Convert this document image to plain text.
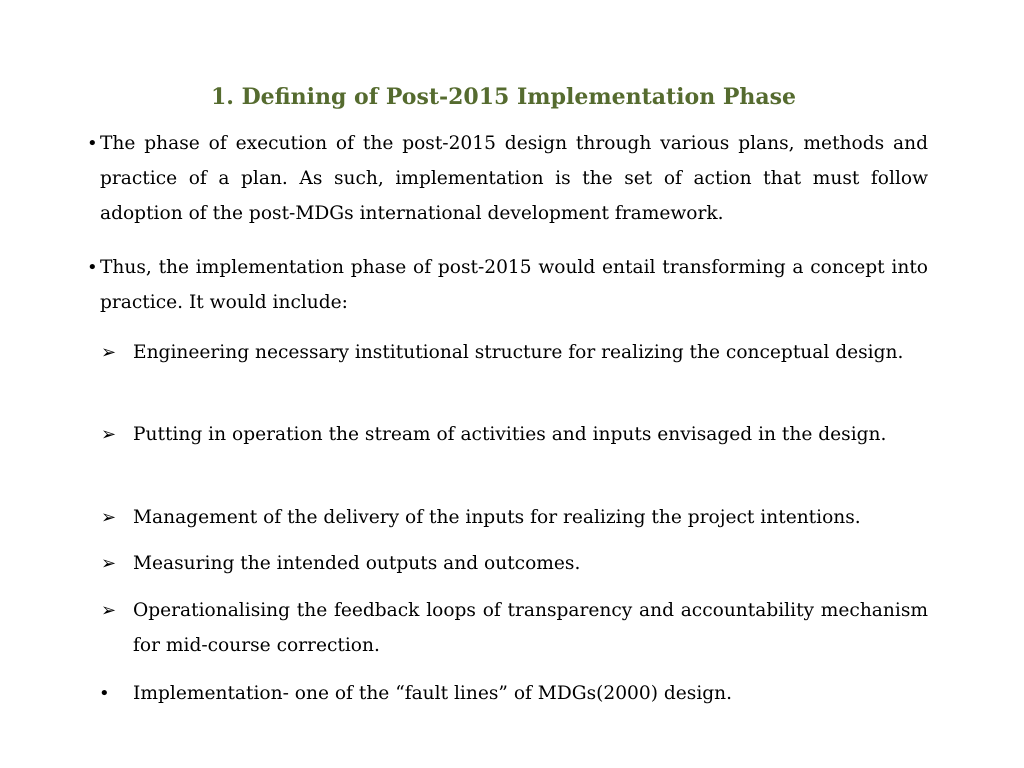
1. Defining of Post-2015 Implementation Phase
• The phase of execution of the post-2015 design through various plans, methods and practice of a plan. As such, implementation is the set of action that must follow adoption of the post-MDGs international development framework.

• Thus, the implementation phase of post-2015 would entail transforming a concept into practice. It would include:

➢ Engineering necessary institutional structure for realizing the conceptual design.

➢ Putting in operation the stream of activities and inputs envisaged in the design.

➢ Management of the delivery of the inputs for realizing the project intentions.

➢ Measuring the intended outputs and outcomes.

➢ Operationalising the feedback loops of transparency and accountability mechanism for mid-course correction.

• Implementation- one of the “fault lines” of MDGs(2000) design.
